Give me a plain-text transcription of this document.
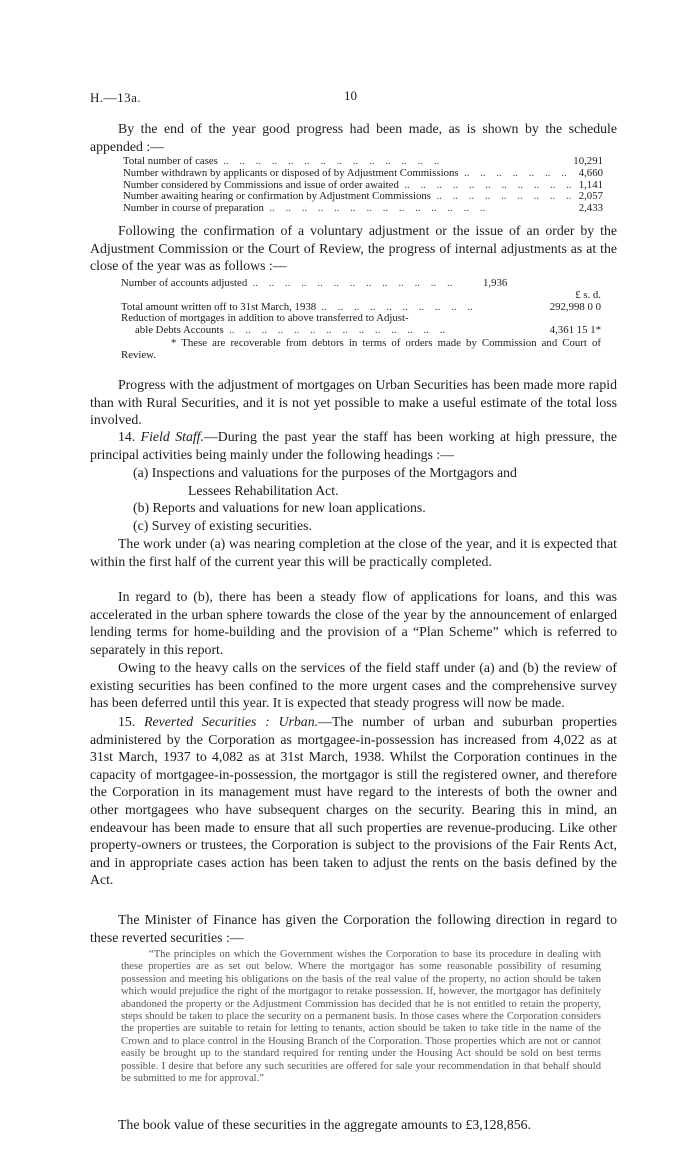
H.—13a.	10

By the end of the year good progress had been made, as is shown by the schedule appended :—

Total number of cases ..	10,291
Number withdrawn by applicants or disposed of by Adjustment Commissions ..	4,660
Number considered by Commissions and issue of order awaited ..	1,141
Number awaiting hearing or confirmation by Adjustment Commissions ..	2,057
Number in course of preparation ..	2,433

Following the confirmation of a voluntary adjustment or the issue of an order by the Adjustment Commission or the Court of Review, the progress of internal adjustments as at the close of the year was as follows :—

Number of accounts adjusted ..	1,936
£ s. d.
Total amount written off to 31st March, 1938 ..	292,998 0 0
Reduction of mortgages in addition to above transferred to Adjust-
able Debts Accounts ..	4,361 15 1*

* These are recoverable from debtors in terms of orders made by Commission and Court of Review.

Progress with the adjustment of mortgages on Urban Securities has been made more rapid than with Rural Securities, and it is not yet possible to make a useful estimate of the total loss involved.

14. Field Staff.—During the past year the staff has been working at high pressure, the principal activities being mainly under the following headings :—

(a) Inspections and valuations for the purposes of the Mortgagors and
Lessees Rehabilitation Act.
(b) Reports and valuations for new loan applications.
(c) Survey of existing securities.

The work under (a) was nearing completion at the close of the year, and it is expected that within the first half of the current year this will be practically completed.

In regard to (b), there has been a steady flow of applications for loans, and this was accelerated in the urban sphere towards the close of the year by the announcement of enlarged lending terms for home-building and the provision of a “Plan Scheme” which is referred to separately in this report.

Owing to the heavy calls on the services of the field staff under (a) and (b) the review of existing securities has been confined to the more urgent cases and the comprehensive survey has been deferred until this year. It is expected that steady progress will now be made.

15. Reverted Securities : Urban.—The number of urban and suburban properties administered by the Corporation as mortgagee-in-possession has increased from 4,022 as at 31st March, 1937 to 4,082 as at 31st March, 1938. Whilst the Corporation continues in the capacity of mortgagee-in-possession, the mortgagor is still the registered owner, and therefore the Corporation in its management must have regard to the interests of both the owner and other mortgagees who have subsequent charges on the security. Bearing this in mind, an endeavour has been made to ensure that all such properties are revenue-producing. Like other property-owners or trustees, the Corporation is subject to the provisions of the Fair Rents Act, and in appropriate cases action has been taken to adjust the rents on the basis defined by the Act.

The Minister of Finance has given the Corporation the following direction in regard to these reverted securities :—

“The principles on which the Government wishes the Corporation to base its procedure in dealing with these properties are as set out below. Where the mortgagor has some reasonable possibility of resuming possession and meeting his obligations on the basis of the real value of the property, no action should be taken which would prejudice the right of the mortgagor to retake possession. If, however, the mortgagor has definitely abandoned the property or the Adjustment Commission has decided that he is not entitled to retain the property, steps should be taken to place the security on a permanent basis. In those cases where the Corporation considers the properties are suitable to retain for letting to tenants, action should be taken to take title in the name of the Crown and to place control in the Housing Branch of the Corporation. Those properties which are not or cannot easily be brought up to the standard required for renting under the Housing Act should be sold on best terms possible. I desire that before any such securities are offered for sale your recommendation in that behalf should be submitted to me for approval.”

The book value of these securities in the aggregate amounts to £3,128,856.
